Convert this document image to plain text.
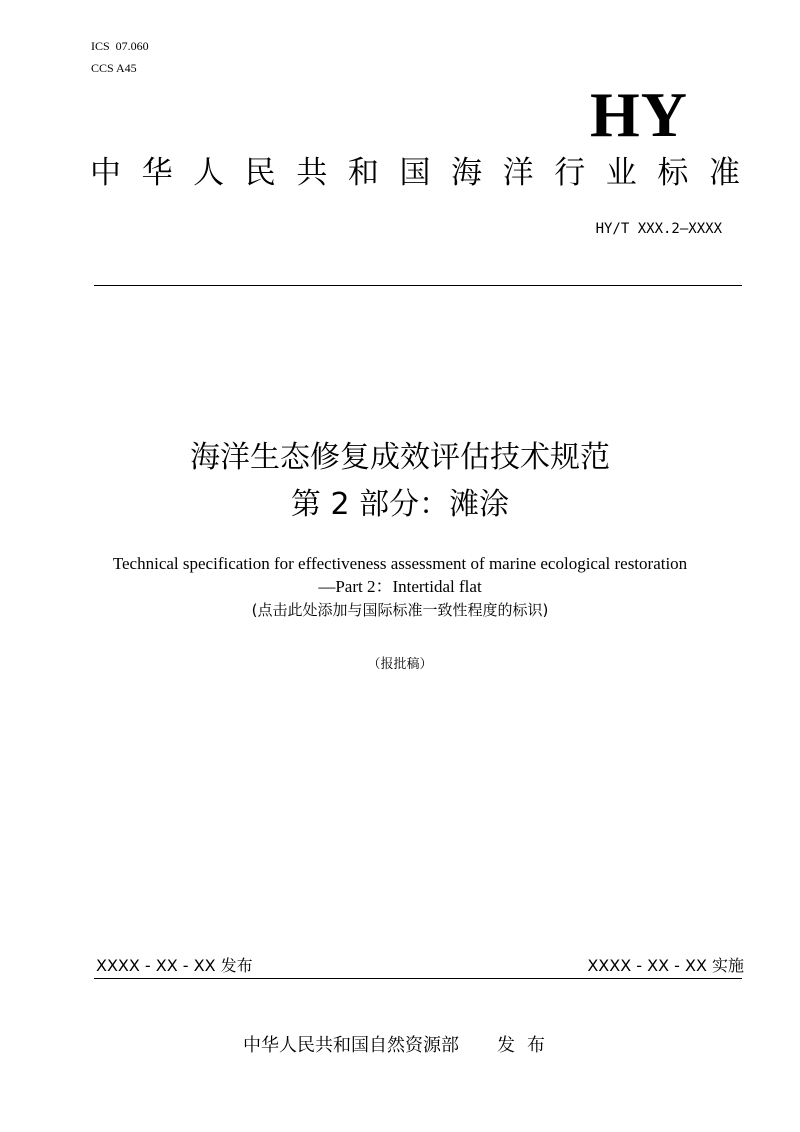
ICS  07.060
CCS A45
HY
中 华 人 民 共 和 国 海 洋 行 业 标 准
HY/T XXX.2—XXXX
海洋生态修复成效评估技术规范
第 2 部分：滩涂
Technical specification for effectiveness assessment of marine ecological restoration
—Part 2：Intertidal flat
(点击此处添加与国际标准一致性程度的标识)
（报批稿）
XXXX - XX - XX 发布	XXXX - XX - XX 实施
中华人民共和国自然资源部 发布
